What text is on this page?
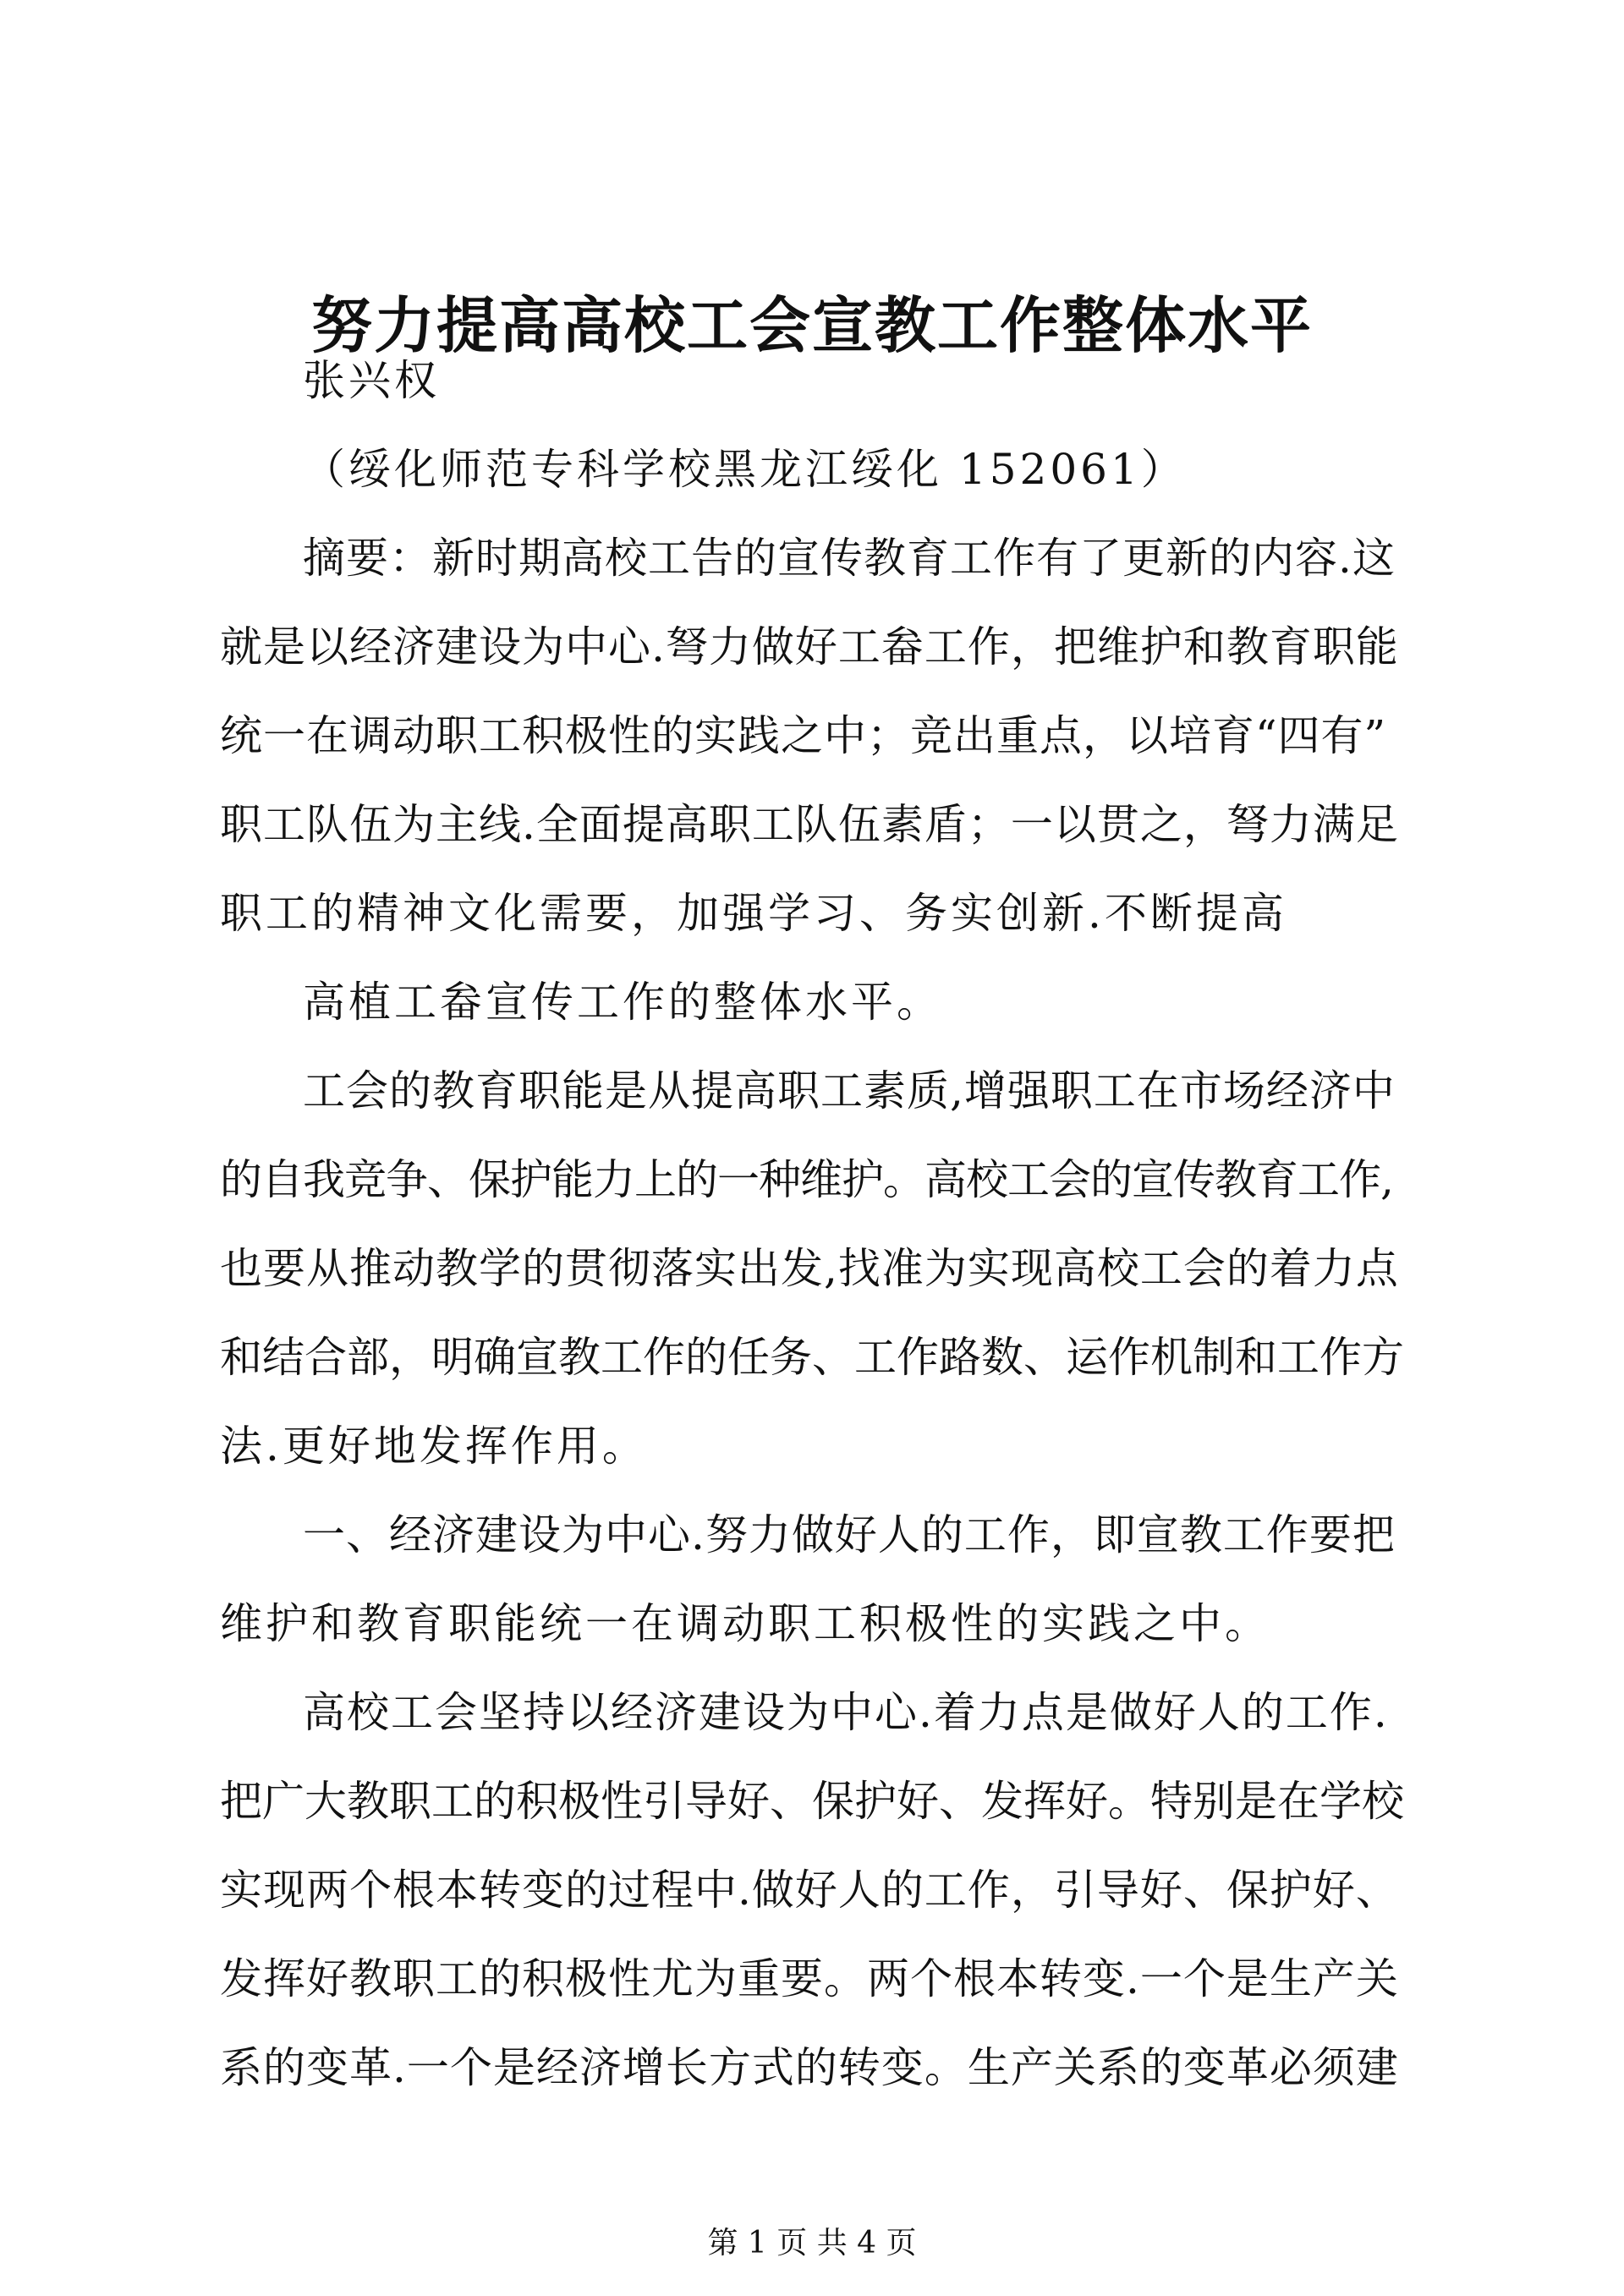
努力提高高校工会宣教工作整体水平
张兴权
（绥化师范专科学校黑龙江绥化 152061）
摘要：新时期高校工告的宣传教育工作有了更新的内容.这
就是以经济建设为中心.弩力做好工畚工作，把维护和教育职能
统一在调动职工积极性的实践之中；竞出重点，以培育“四有”
职工队伍为主线.全面提高职工队伍素盾；一以贯之，弩力满足
职工的精神文化需要，加强学习、务实创新.不断提高
高植工畚宣传工作的整体水平。
工会的教育职能是从提高职工素质,增强职工在市场经济中
的自我竞争、保护能力上的一种维护。高校工会的宣传教育工作,
也要从推动教学的贯彻落实出发,找准为实现高校工会的着力点
和结合部，明确宣教工作的任务、工作路数、运作机制和工作方
法.更好地发挥作用。
一、经济建设为中心.努力做好人的工作，即宣教工作要把
维护和教育职能统一在调动职工积极性的实践之中。
高校工会坚持以经济建设为中心.着力点是做好人的工作.
把广大教职工的积极性引导好、保护好、发挥好。特别是在学校
实现两个根本转变的过程中.做好人的工作，引导好、保护好、
发挥好教职工的积极性尤为重要。两个根本转变.一个是生产关
系的变革.一个是经济增长方式的转变。生产关系的变革必须建
第 1 页 共 4 页
